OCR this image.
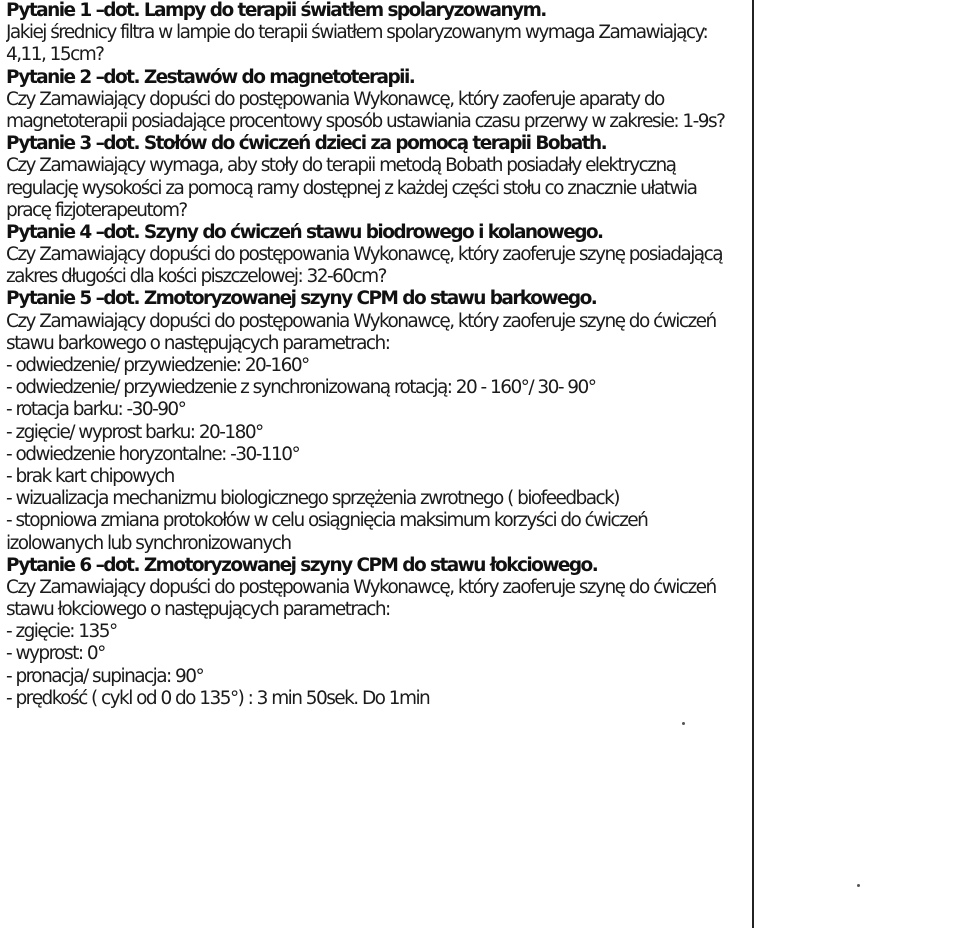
Pytanie 1 –dot. Lampy do terapii światłem spolaryzowanym.
Jakiej średnicy filtra w lampie do terapii światłem spolaryzowanym wymaga Zamawiający:
4,11, 15cm?
Pytanie 2 –dot. Zestawów do magnetoterapii.
Czy Zamawiający dopuści do postępowania Wykonawcę, który zaoferuje aparaty do
magnetoterapii posiadające procentowy sposób ustawiania czasu przerwy w zakresie: 1-9s?
Pytanie 3 –dot. Stołów do ćwiczeń dzieci za pomocą terapii Bobath.
Czy Zamawiający wymaga, aby stoły do terapii metodą Bobath posiadały elektryczną
regulację wysokości za pomocą ramy dostępnej z każdej części stołu co znacznie ułatwia
pracę fizjoterapeutom?
Pytanie 4 –dot. Szyny do ćwiczeń stawu biodrowego i kolanowego.
Czy Zamawiający dopuści do postępowania Wykonawcę, który zaoferuje szynę posiadającą
zakres długości dla kości piszczelowej: 32-60cm?
Pytanie 5 –dot. Zmotoryzowanej szyny CPM do stawu barkowego.
Czy Zamawiający dopuści do postępowania Wykonawcę, który zaoferuje szynę do ćwiczeń
stawu barkowego o następujących parametrach:
- odwiedzenie/ przywiedzenie: 20-160°
- odwiedzenie/ przywiedzenie z synchronizowaną rotacją: 20 - 160°/ 30- 90°
- rotacja barku: -30-90°
- zgięcie/ wyprost barku: 20-180°
- odwiedzenie horyzontalne: -30-110°
- brak kart chipowych
- wizualizacja mechanizmu biologicznego sprzężenia zwrotnego ( biofeedback)
- stopniowa zmiana protokołów w celu osiągnięcia maksimum korzyści do ćwiczeń
izolowanych lub synchronizowanych
Pytanie 6 –dot. Zmotoryzowanej szyny CPM do stawu łokciowego.
Czy Zamawiający dopuści do postępowania Wykonawcę, który zaoferuje szynę do ćwiczeń
stawu łokciowego o następujących parametrach:
- zgięcie: 135°
- wyprost: 0°
- pronacja/ supinacja: 90°
- prędkość ( cykl od 0 do 135°) : 3 min 50sek. Do 1min
